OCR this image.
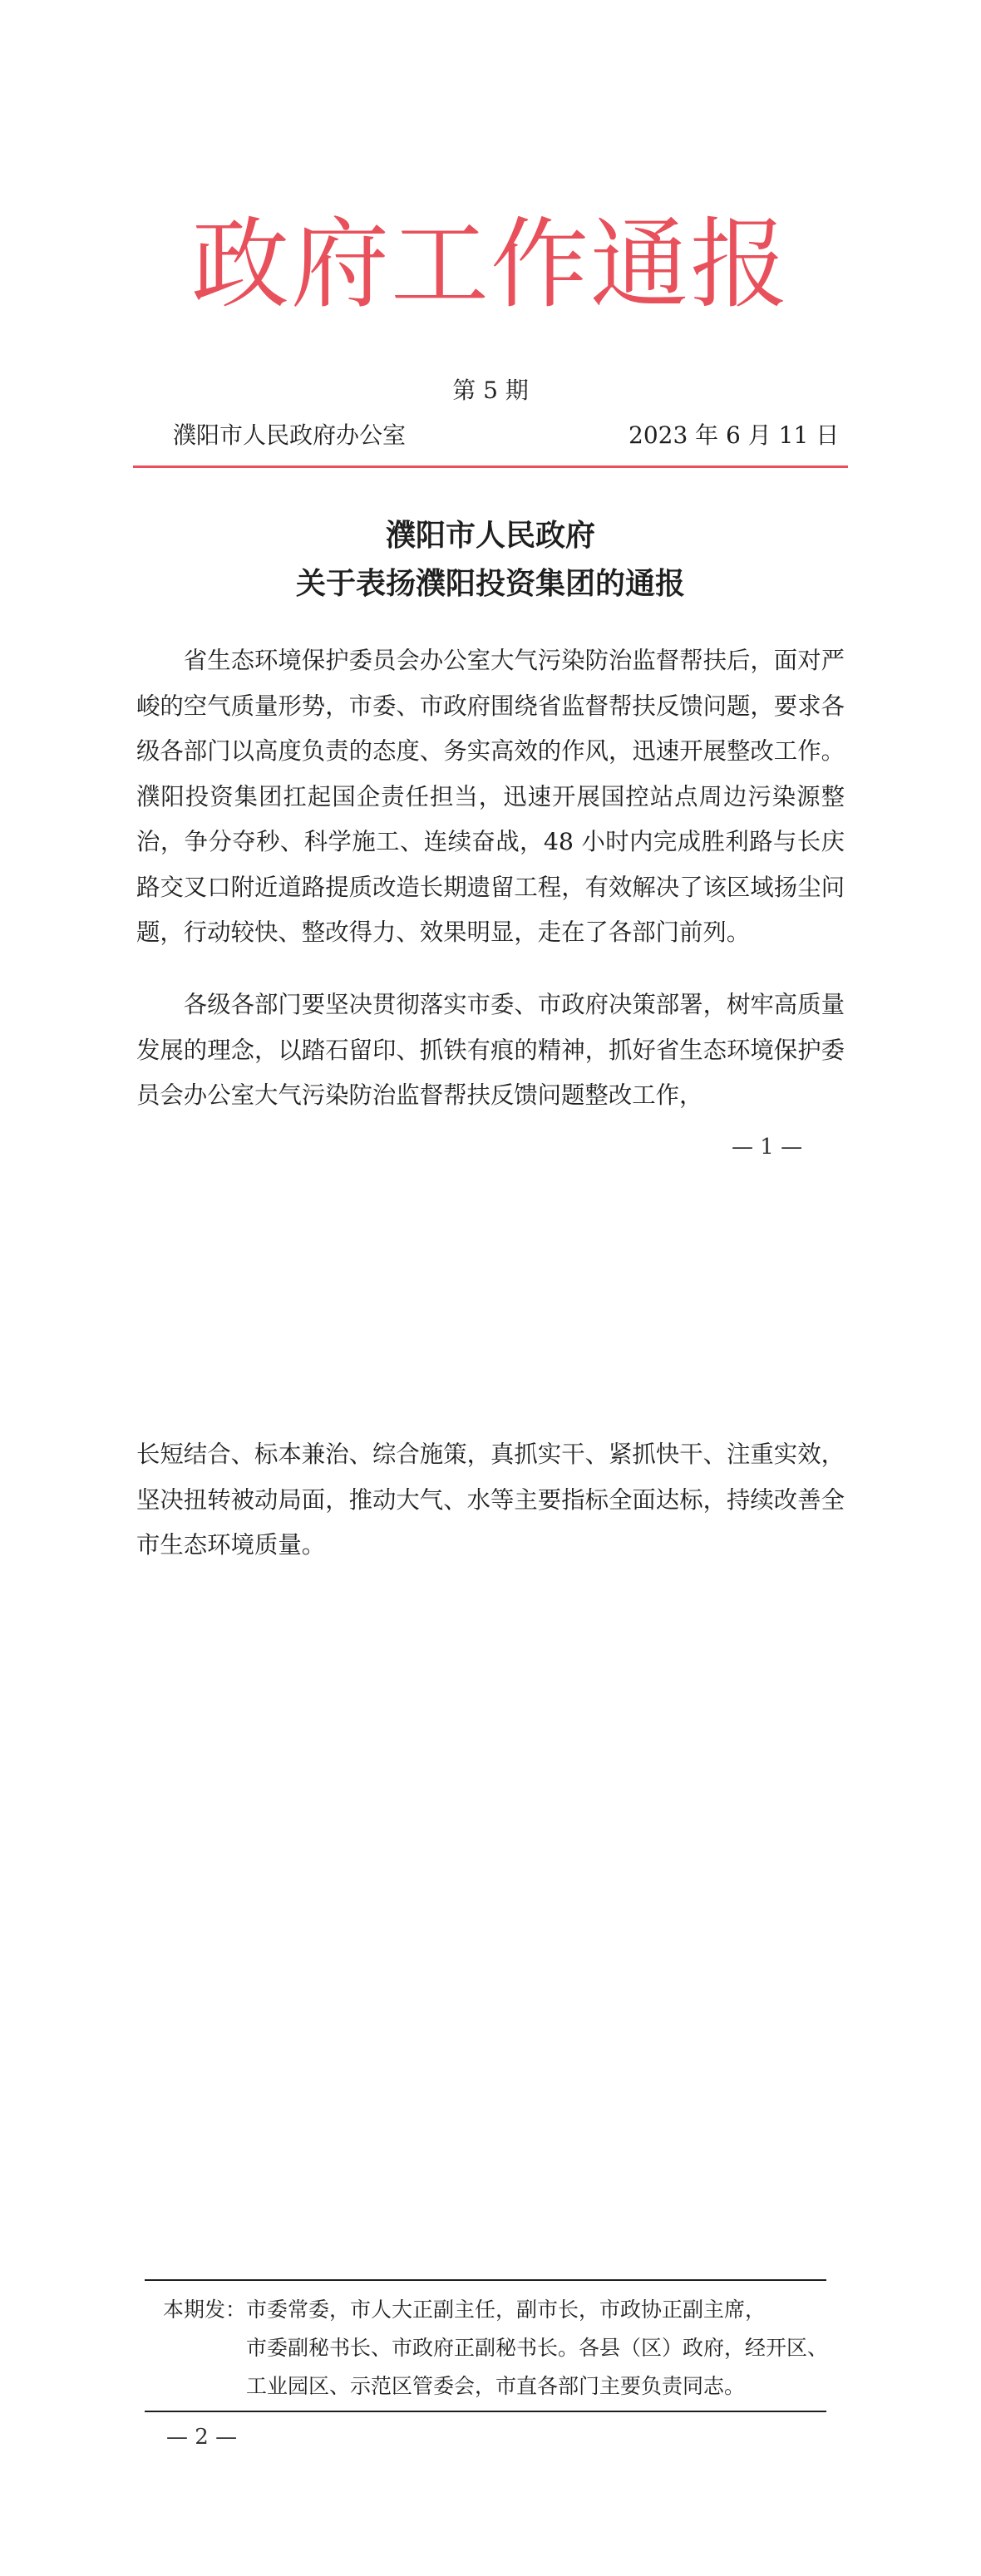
政府工作通报
第 5 期
濮阳市人民政府办公室	2023 年 6 月 11 日
濮阳市人民政府
关于表扬濮阳投资集团的通报

省生态环境保护委员会办公室大气污染防治监督帮扶后，面对严峻的空气质量形势，市委、市政府围绕省监督帮扶反馈问题，要求各级各部门以高度负责的态度、务实高效的作风，迅速开展整改工作。濮阳投资集团扛起国企责任担当，迅速开展国控站点周边污染源整治，争分夺秒、科学施工、连续奋战，48 小时内完成胜利路与长庆路交叉口附近道路提质改造长期遗留工程，有效解决了该区域扬尘问题，行动较快、整改得力、效果明显，走在了各部门前列。

各级各部门要坚决贯彻落实市委、市政府决策部署，树牢高质量发展的理念，以踏石留印、抓铁有痕的精神，抓好省生态环境保护委员会办公室大气污染防治监督帮扶反馈问题整改工作，

— 1 —

长短结合、标本兼治、综合施策，真抓实干、紧抓快干、注重实效，坚决扭转被动局面，推动大气、水等主要指标全面达标，持续改善全市生态环境质量。

本期发：市委常委，市人大正副主任，副市长，市政协正副主席，
市委副秘书长、市政府正副秘书长。各县（区）政府，经开区、
工业园区、示范区管委会，市直各部门主要负责同志。
— 2 —
